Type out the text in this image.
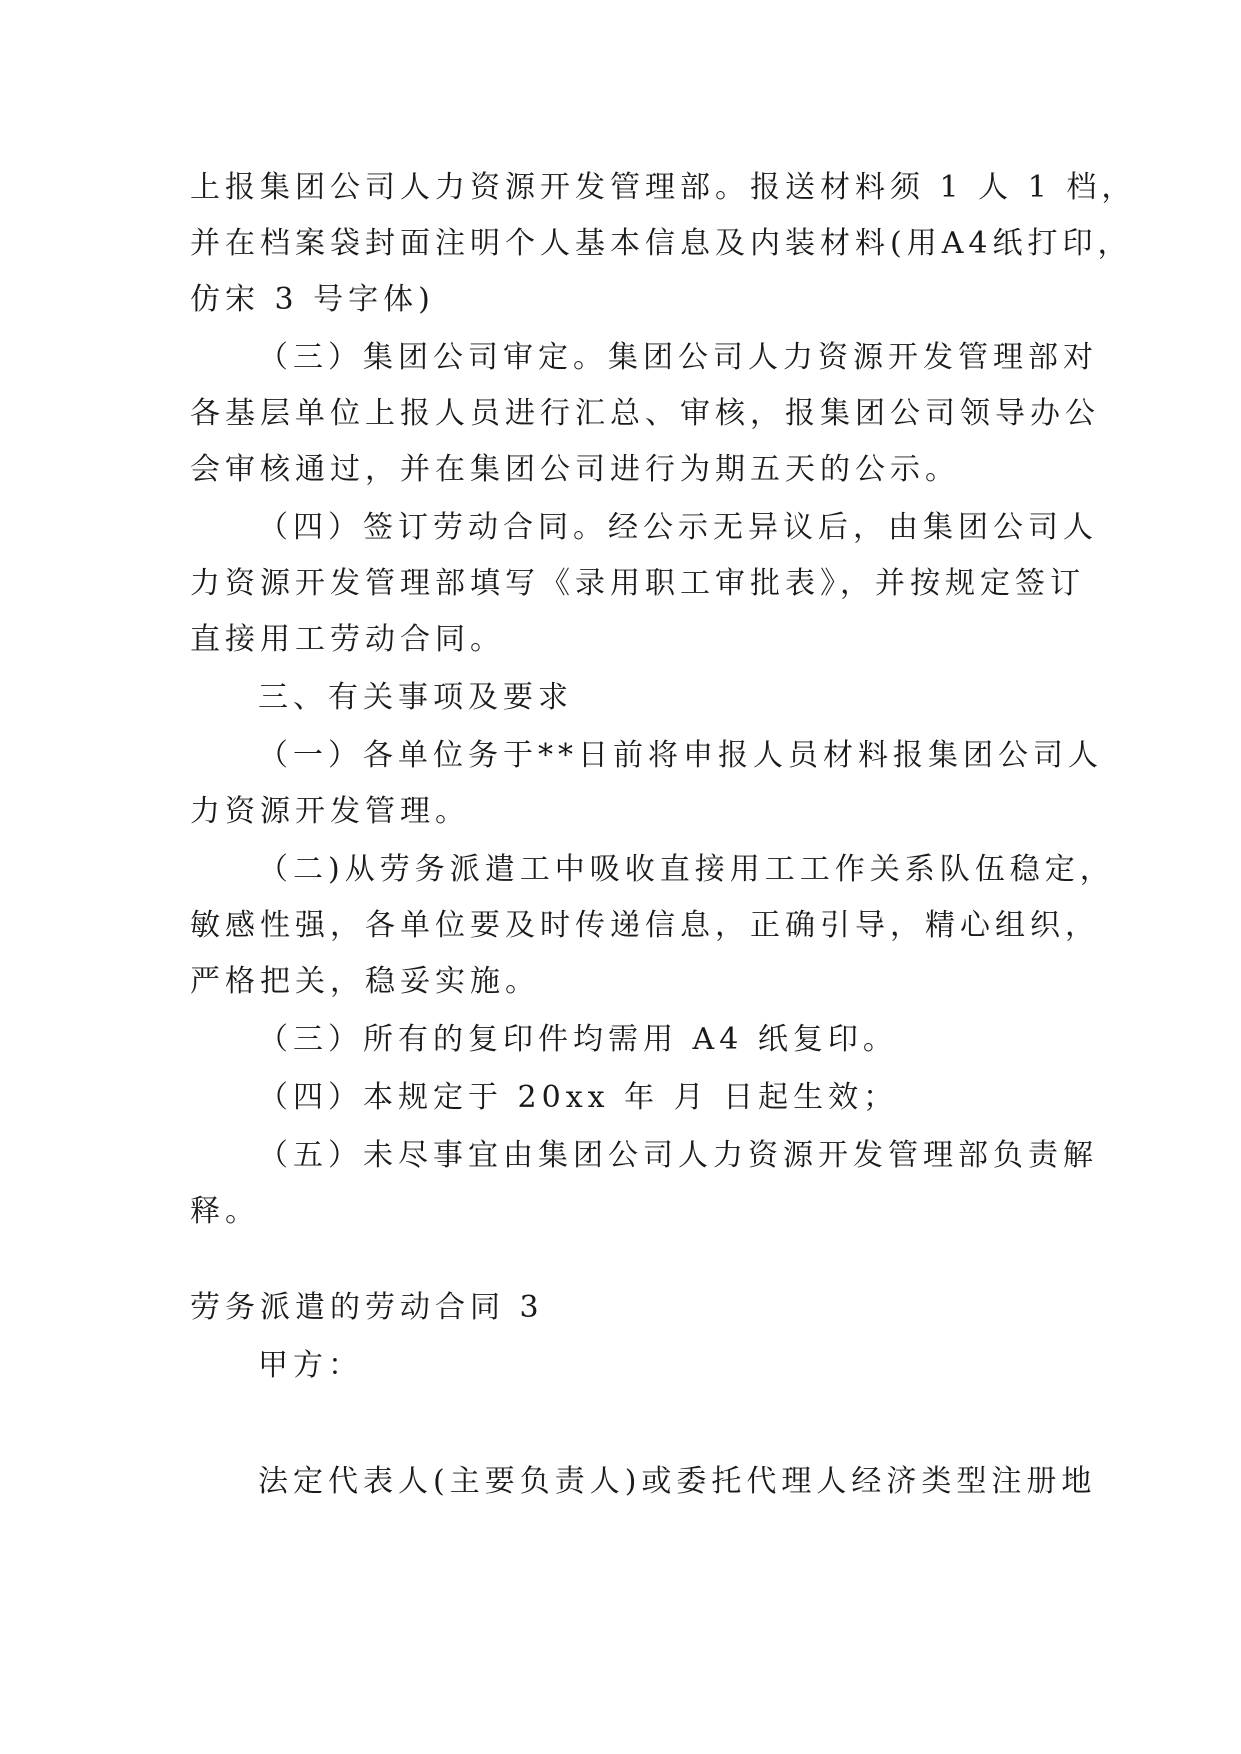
上报集团公司人力资源开发管理部。报送材料须 1 人 1 档，
并在档案袋封面注明个人基本信息及内装材料(用A4纸打印，
仿宋 3 号字体)
（三）集团公司审定。集团公司人力资源开发管理部对
各基层单位上报人员进行汇总、审核，报集团公司领导办公
会审核通过，并在集团公司进行为期五天的公示。
（四）签订劳动合同。经公示无异议后，由集团公司人
力资源开发管理部填写《录用职工审批表》，并按规定签订
直接用工劳动合同。
三、有关事项及要求
（一）各单位务于**日前将申报人员材料报集团公司人
力资源开发管理。
（二)从劳务派遣工中吸收直接用工工作关系队伍稳定，
敏感性强，各单位要及时传递信息，正确引导，精心组织，
严格把关，稳妥实施。
（三）所有的复印件均需用 A4 纸复印。
（四）本规定于 20xx 年 月 日起生效；
（五）未尽事宜由集团公司人力资源开发管理部负责解
释。
劳务派遣的劳动合同 3
甲方：
法定代表人(主要负责人)或委托代理人经济类型注册地
